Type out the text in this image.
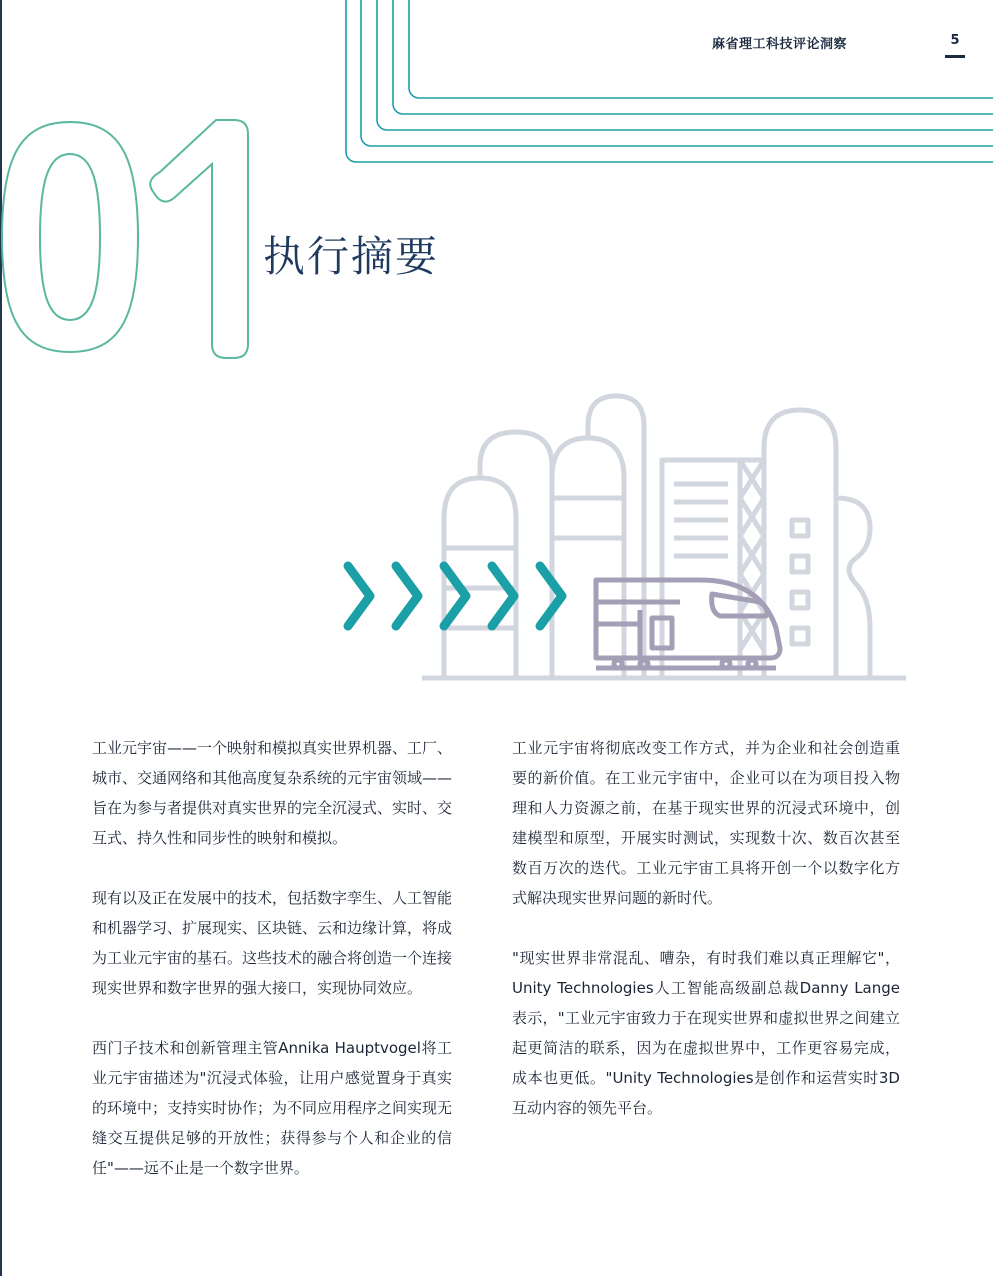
麻省理工科技评论洞察	5
执行摘要

工业元宇宙——一个映射和模拟真实世界机器、工厂、城市、交通网络和其他高度复杂系统的元宇宙领域——旨在为参与者提供对真实世界的完全沉浸式、实时、交互式、持久性和同步性的映射和模拟。

现有以及正在发展中的技术，包括数字孪生、人工智能和机器学习、扩展现实、区块链、云和边缘计算，将成为工业元宇宙的基石。这些技术的融合将创造一个连接现实世界和数字世界的强大接口，实现协同效应。

西门子技术和创新管理主管Annika Hauptvogel将工业元宇宙描述为"沉浸式体验，让用户感觉置身于真实的环境中；支持实时协作；为不同应用程序之间实现无缝交互提供足够的开放性；获得参与个人和企业的信任"——远不止是一个数字世界。

工业元宇宙将彻底改变工作方式，并为企业和社会创造重要的新价值。在工业元宇宙中，企业可以在为项目投入物理和人力资源之前，在基于现实世界的沉浸式环境中，创建模型和原型，开展实时测试，实现数十次、数百次甚至数百万次的迭代。工业元宇宙工具将开创一个以数字化方式解决现实世界问题的新时代。

"现实世界非常混乱、嘈杂，有时我们难以真正理解它"，Unity Technologies人工智能高级副总裁Danny Lange表示，"工业元宇宙致力于在现实世界和虚拟世界之间建立起更简洁的联系，因为在虚拟世界中，工作更容易完成，成本也更低。"Unity Technologies是创作和运营实时3D互动内容的领先平台。
